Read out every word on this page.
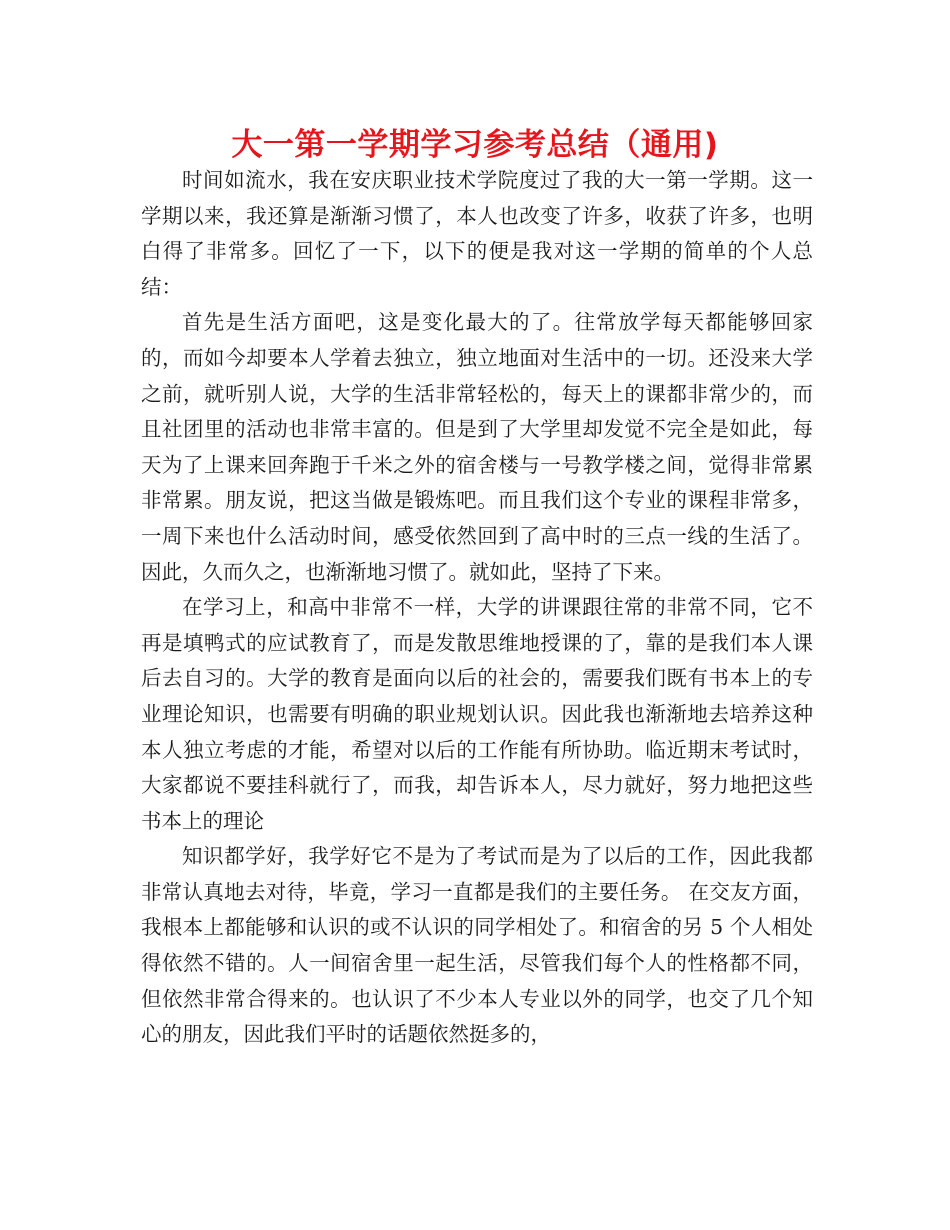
大一第一学期学习参考总结（通用)

时间如流水，我在安庆职业技术学院度过了我的大一第一学期。这一学期以来，我还算是渐渐习惯了，本人也改变了许多，收获了许多，也明白得了非常多。回忆了一下，以下的便是我对这一学期的简单的个人总结：

首先是生活方面吧，这是变化最大的了。往常放学每天都能够回家的，而如今却要本人学着去独立，独立地面对生活中的一切。还没来大学之前，就听别人说，大学的生活非常轻松的，每天上的课都非常少的，而且社团里的活动也非常丰富的。但是到了大学里却发觉不完全是如此，每天为了上课来回奔跑于千米之外的宿舍楼与一号教学楼之间，觉得非常累非常累。朋友说，把这当做是锻炼吧。而且我们这个专业的课程非常多，一周下来也什么活动时间，感受依然回到了高中时的三点一线的生活了。因此，久而久之，也渐渐地习惯了。就如此，坚持了下来。

在学习上，和高中非常不一样，大学的讲课跟往常的非常不同，它不再是填鸭式的应试教育了，而是发散思维地授课的了，靠的是我们本人课后去自习的。大学的教育是面向以后的社会的，需要我们既有书本上的专业理论知识，也需要有明确的职业规划认识。因此我也渐渐地去培养这种本人独立考虑的才能，希望对以后的工作能有所协助。临近期末考试时，大家都说不要挂科就行了，而我，却告诉本人，尽力就好，努力地把这些书本上的理论

知识都学好，我学好它不是为了考试而是为了以后的工作，因此我都非常认真地去对待，毕竟，学习一直都是我们的主要任务。 在交友方面，我根本上都能够和认识的或不认识的同学相处了。和宿舍的另 5 个人相处得依然不错的。人一间宿舍里一起生活，尽管我们每个人的性格都不同，但依然非常合得来的。也认识了不少本人专业以外的同学，也交了几个知心的朋友，因此我们平时的话题依然挺多的，
